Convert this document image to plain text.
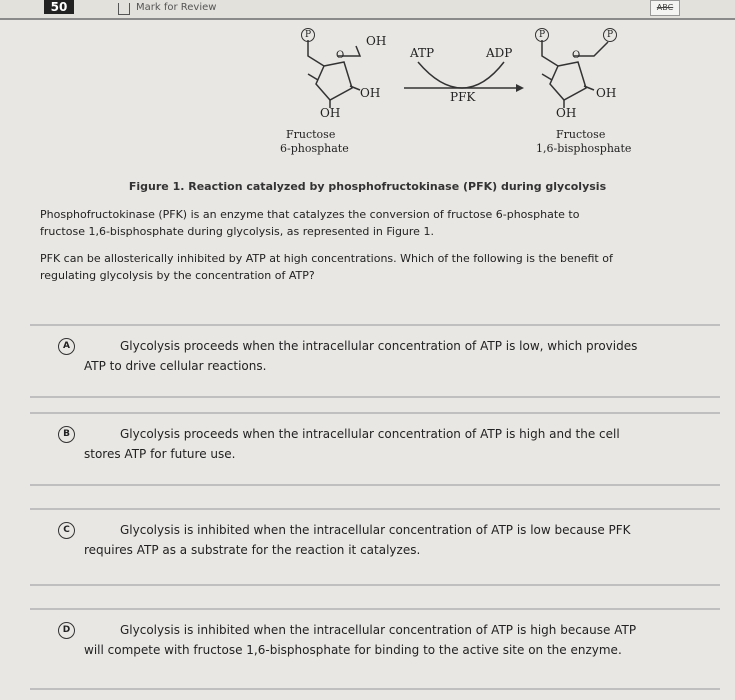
50	Mark for Review	ABC
P	OH
O
OH
OH
ATP	ADP
PFK
P	P
O
OH
OH
Fructose
6-phosphate
Fructose
1,6-bisphosphate
Figure 1. Reaction catalyzed by phosphofructokinase (PFK) during glycolysis
Phosphofructokinase (PFK) is an enzyme that catalyzes the conversion of fructose 6-phosphate to
fructose 1,6-bisphosphate during glycolysis, as represented in Figure 1.
PFK can be allosterically inhibited by ATP at high concentrations. Which of the following is the benefit of
regulating glycolysis by the concentration of ATP?
A	Glycolysis proceeds when the intracellular concentration of ATP is low, which provides
ATP to drive cellular reactions.
B	Glycolysis proceeds when the intracellular concentration of ATP is high and the cell
stores ATP for future use.
C	Glycolysis is inhibited when the intracellular concentration of ATP is low because PFK
requires ATP as a substrate for the reaction it catalyzes.
D	Glycolysis is inhibited when the intracellular concentration of ATP is high because ATP
will compete with fructose 1,6-bisphosphate for binding to the active site on the enzyme.
